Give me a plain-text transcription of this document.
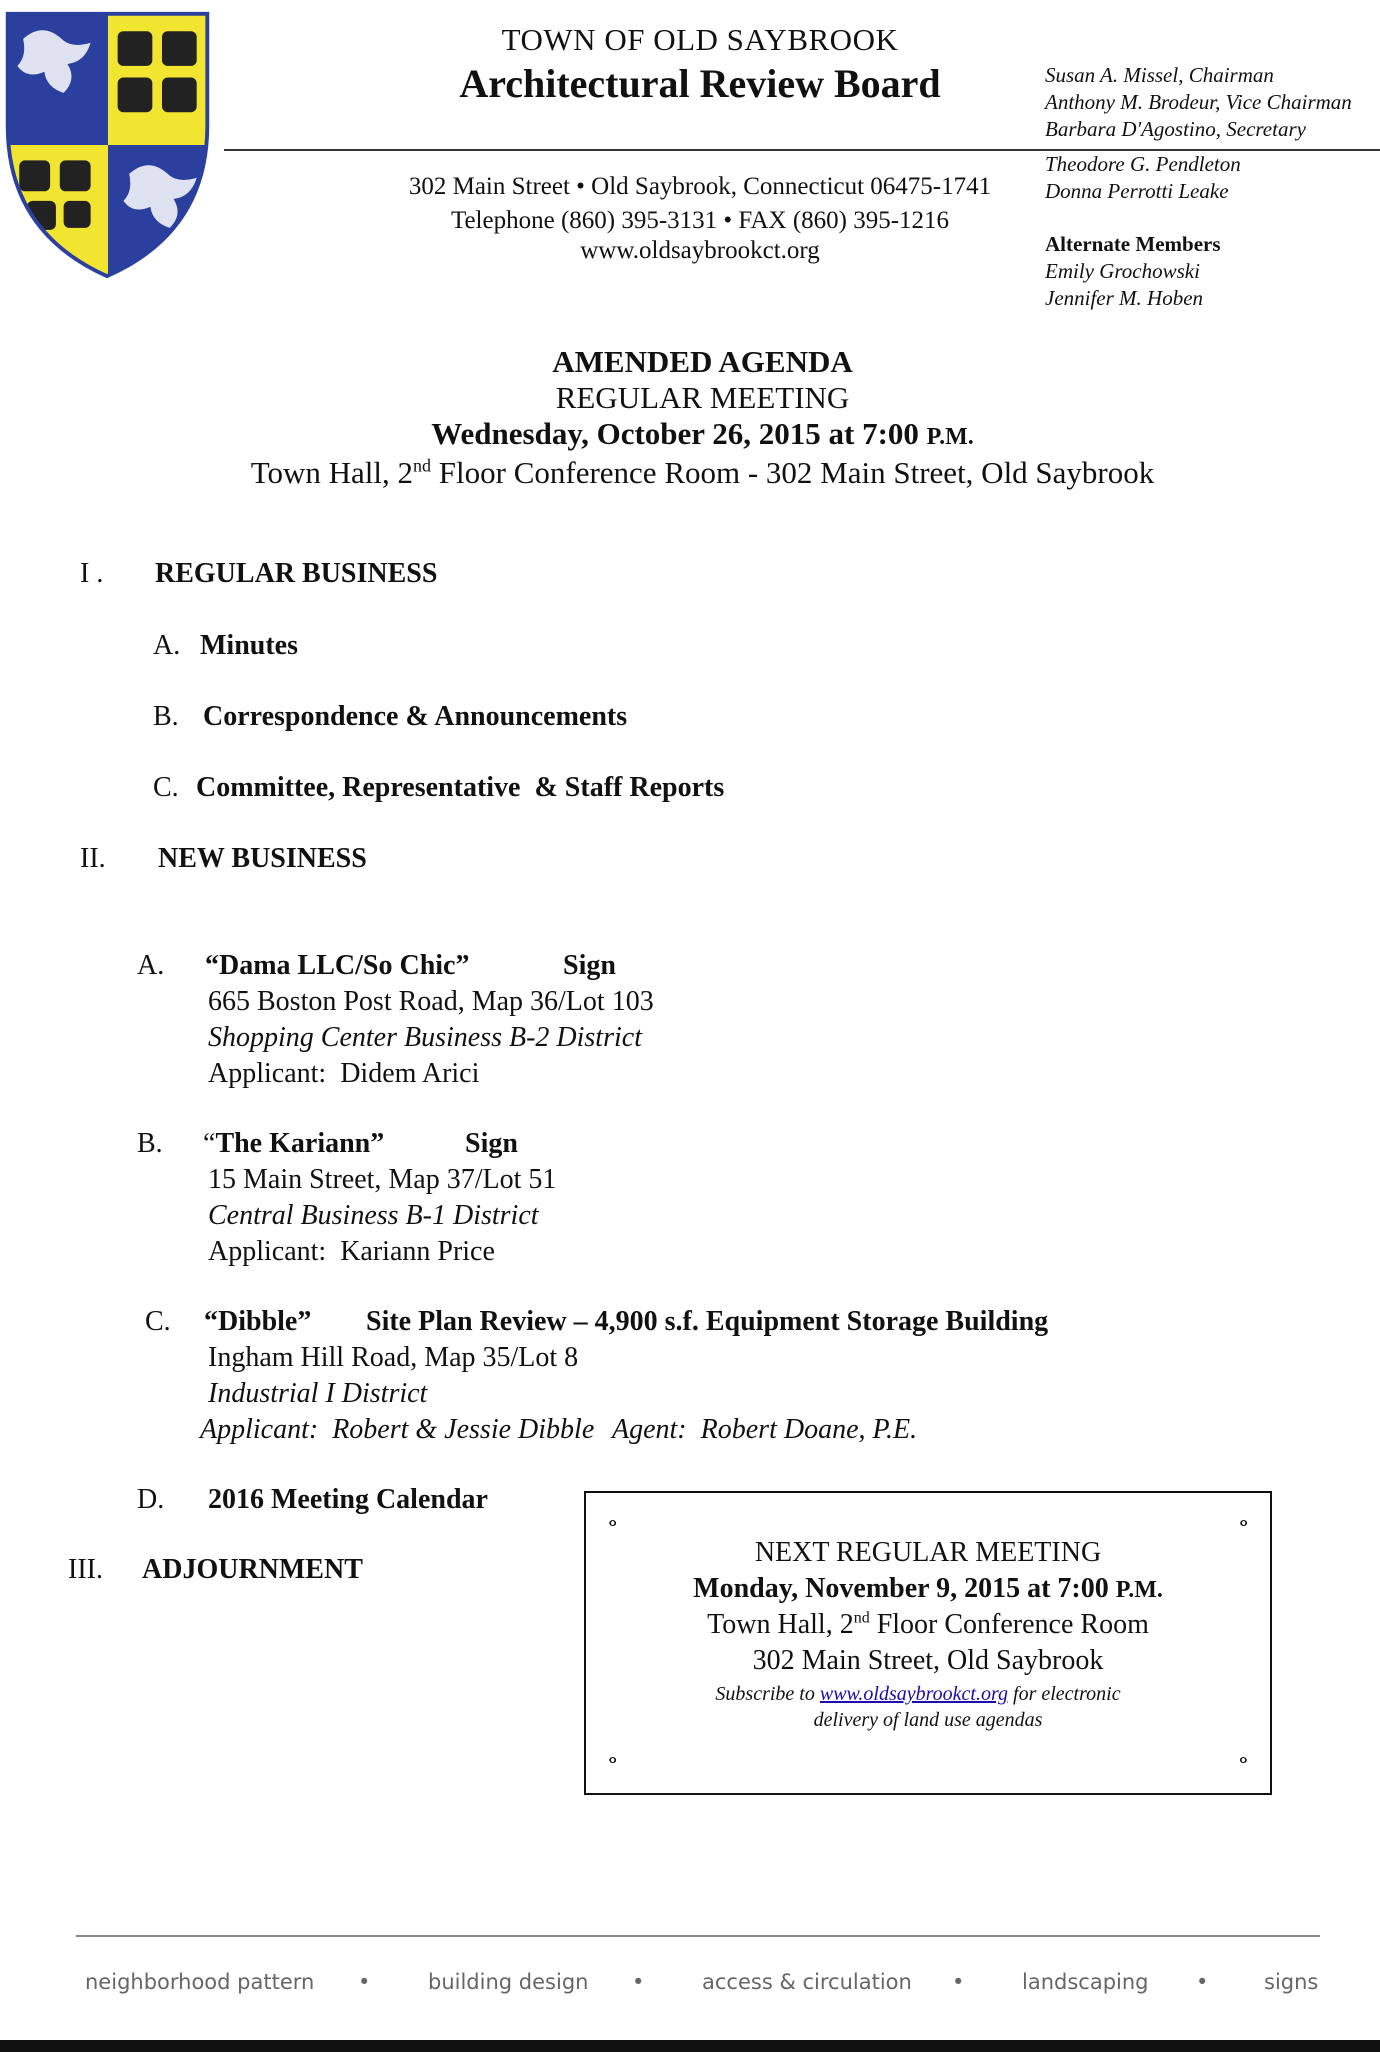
TOWN OF OLD SAYBROOK
Architectural Review Board
302 Main Street • Old Saybrook, Connecticut 06475-1741
Telephone (860) 395-3131 • FAX (860) 395-1216
www.oldsaybrookct.org
Susan A. Missel, Chairman
Anthony M. Brodeur, Vice Chairman
Barbara D'Agostino, Secretary
Theodore G. Pendleton
Donna Perrotti Leake
Alternate Members
Emily Grochowski
Jennifer M. Hoben
AMENDED AGENDA
REGULAR MEETING
Wednesday, October 26, 2015 at 7:00 P.M.
Town Hall, 2nd Floor Conference Room - 302 Main Street, Old Saybrook
I . REGULAR BUSINESS
A. Minutes
B. Correspondence & Announcements
C. Committee, Representative  & Staff Reports
II. NEW BUSINESS
A. “Dama LLC/So Chic”	Sign
665 Boston Post Road, Map 36/Lot 103
Shopping Center Business B-2 District
Applicant:  Didem Arici
B. “The Kariann”	Sign
15 Main Street, Map 37/Lot 51
Central Business B-1 District
Applicant:  Kariann Price
C. “Dibble” Site Plan Review – 4,900 s.f. Equipment Storage Building
Ingham Hill Road, Map 35/Lot 8
Industrial I District
Applicant:  Robert & Jessie Dibble Agent:  Robert Doane, P.E.
D. 2016 Meeting Calendar
III. ADJOURNMENT
૰	૰
૰	૰
NEXT REGULAR MEETING
Monday, November 9, 2015 at 7:00 P.M.
Town Hall, 2nd Floor Conference Room
302 Main Street, Old Saybrook
Subscribe to www.oldsaybrookct.org for electronic
delivery of land use agendas
neighborhood pattern •	building design •	access & circulation •	landscaping •	signs
